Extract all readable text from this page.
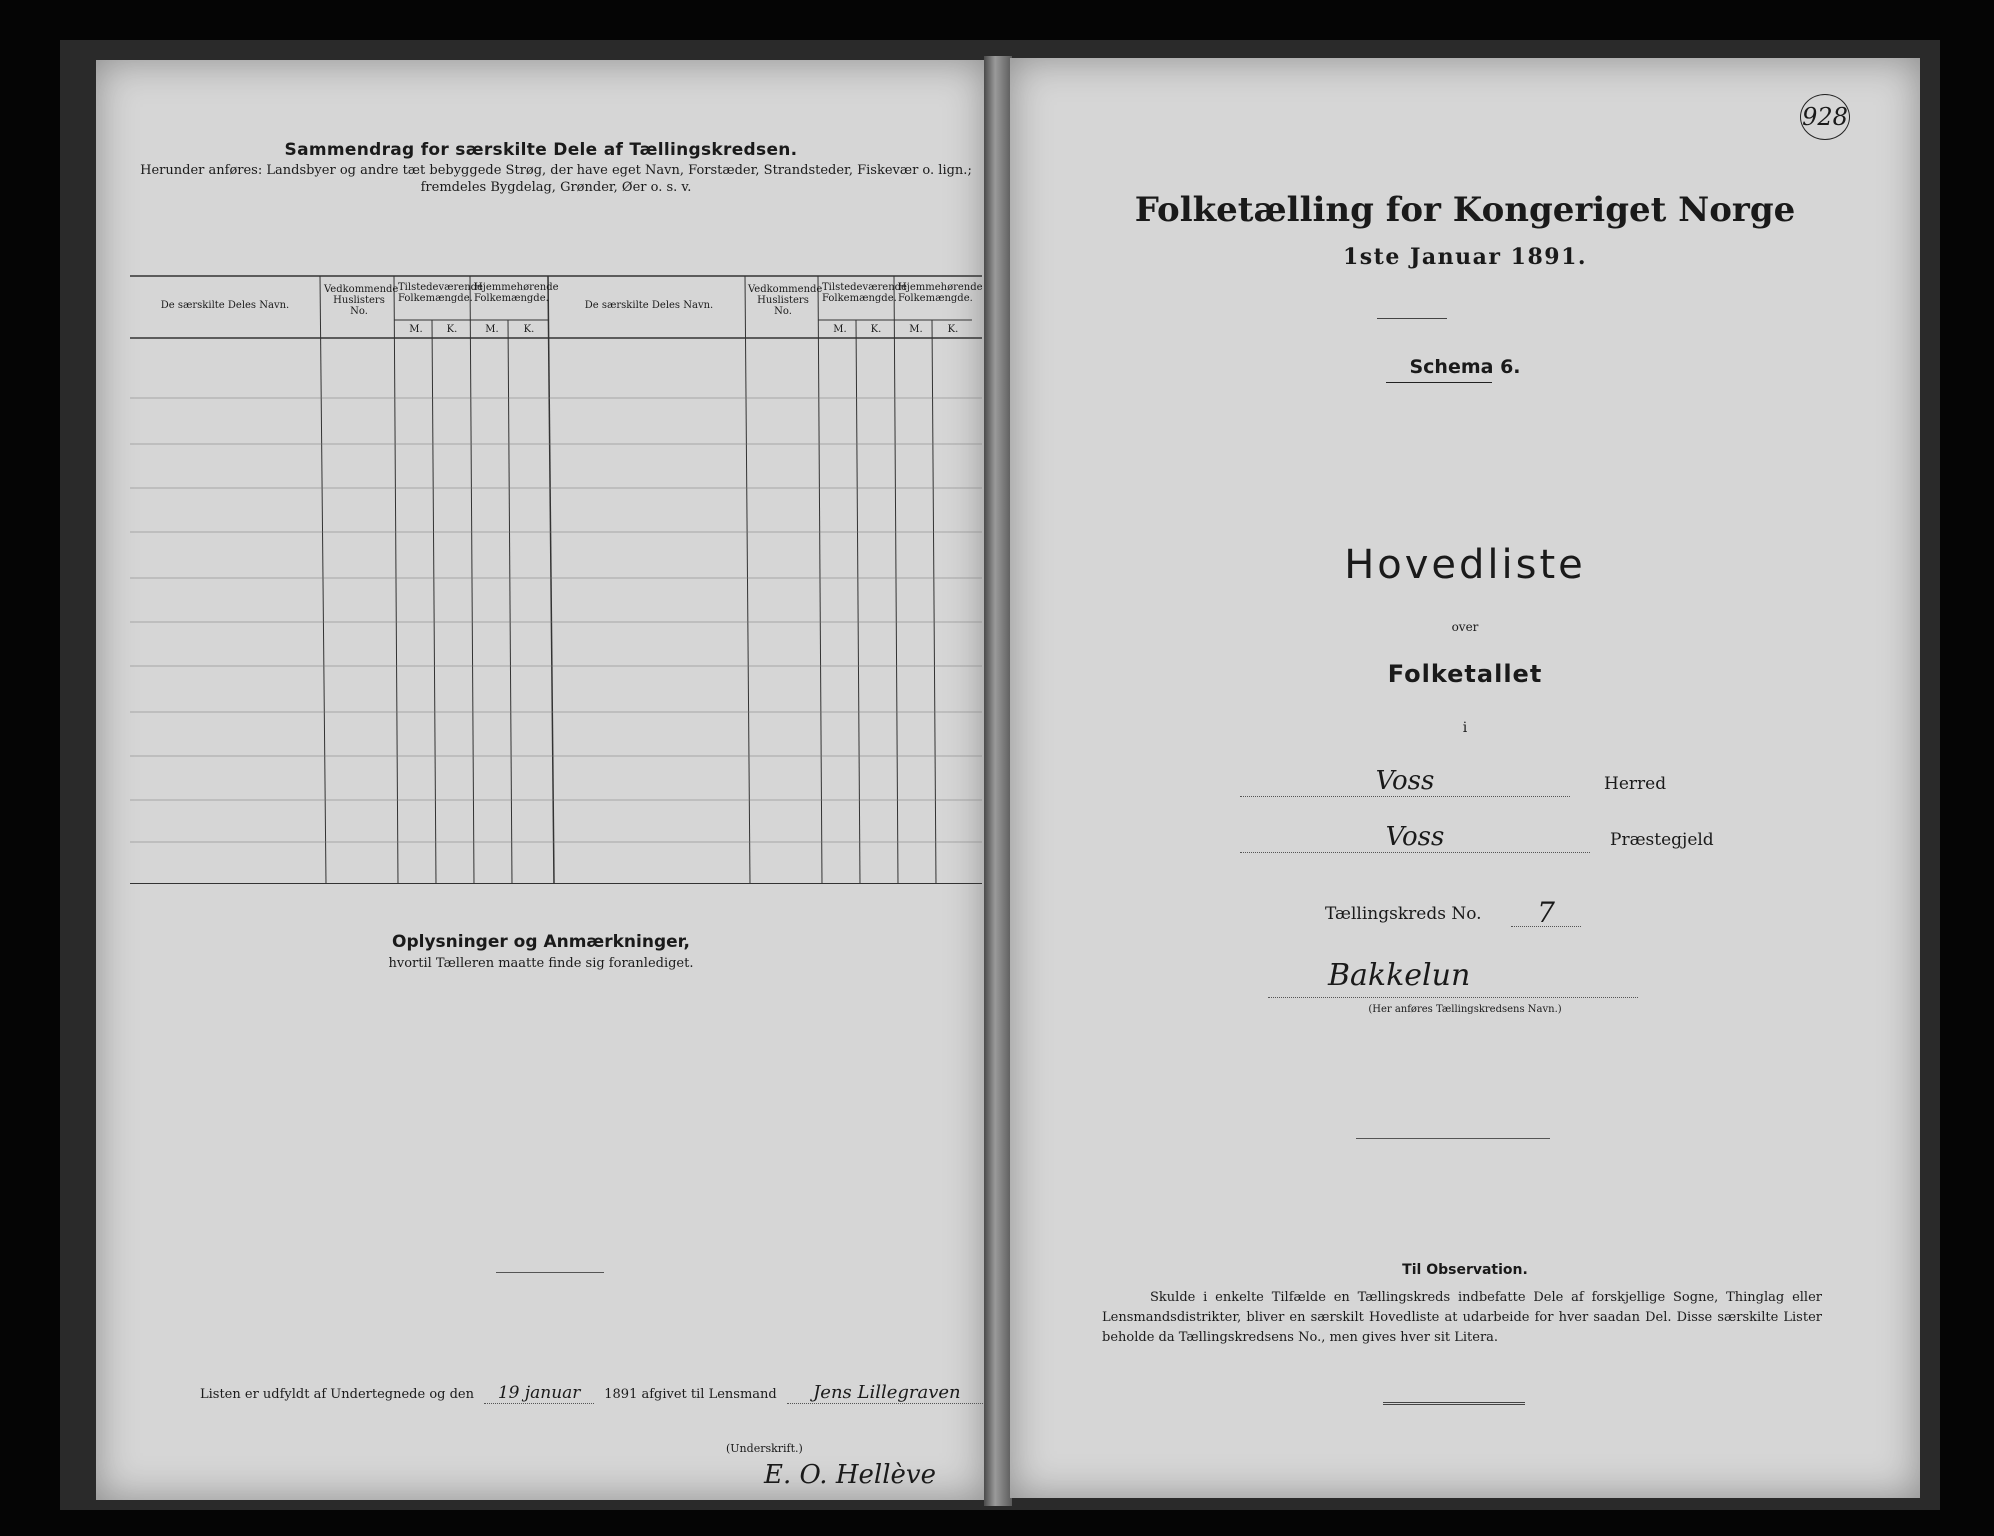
Sammendrag for særskilte Dele af Tællingskredsen.
Herunder anføres: Landsbyer og andre tæt bebyggede Strøg, der have eget Navn, Forstæder, Strandsteder, Fiskevær o. lign.; fremdeles Bygdelag, Grønder, Øer o. s. v.
De særskilte Deles Navn.
Vedkommende Huslisters No.
Tilstedeværende Folkemængde.
Hjemmehørende Folkemængde.
M.	K.	M.	K.
De særskilte Deles Navn.
Vedkommende Huslisters No.
Tilstedeværende Folkemængde.
Hjemmehørende Folkemængde.
M.	K.	M.	K.
Oplysninger og Anmærkninger,
hvortil Tælleren maatte finde sig foranlediget.
Listen er udfyldt af Undertegnede og den 19 januar 1891 afgivet til Lensmand Jens Lillegraven
(Underskrift.)
E. O. Hellève
928
Folketælling for Kongeriget Norge
1ste Januar 1891.
Schema 6.
Hovedliste
over
Folketallet
i
Voss	Herred
Voss	Præstegjeld
Tællingskreds No.	7
Bakkelun
(Her anføres Tællingskredsens Navn.)
Til Observation.
Skulde i enkelte Tilfælde en Tællingskreds indbefatte Dele af forskjellige Sogne, Thinglag eller Lensmandsdistrikter, bliver en særskilt Hovedliste at udarbeide for hver saadan Del. Disse særskilte Lister beholde da Tællingskredsens No., men gives hver sit Litera.
